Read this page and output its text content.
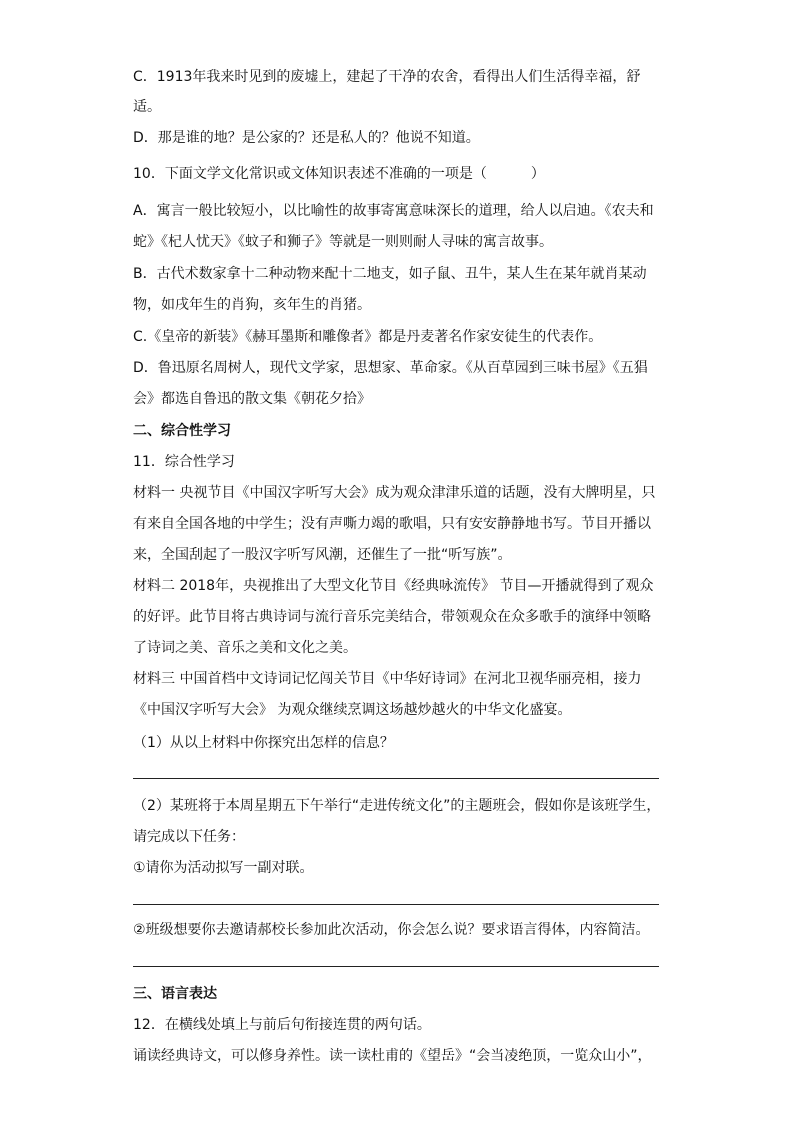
C．1913年我来时见到的废墟上，建起了干净的农舍，看得出人们生活得幸福，舒
适。
D．那是谁的地？是公家的？还是私人的？他说不知道。
10．下面文学文化常识或文体知识表述不准确的一项是（	）
A．寓言一般比较短小，以比喻性的故事寄寓意味深长的道理，给人以启迪。《农夫和
蛇》《杞人忧天》《蚊子和狮子》等就是一则则耐人寻味的寓言故事。
B．古代术数家拿十二种动物来配十二地支，如子鼠、丑牛，某人生在某年就肖某动
物，如戌年生的肖狗，亥年生的肖猪。
C.《皇帝的新装》《赫耳墨斯和雕像者》都是丹麦著名作家安徒生的代表作。
D．鲁迅原名周树人，现代文学家，思想家、革命家。《从百草园到三味书屋》《五猖
会》都选自鲁迅的散文集《朝花夕拾》
二、综合性学习
11．综合性学习
材料一 央视节目《中国汉字听写大会》成为观众津津乐道的话题，没有大牌明星，只
有来自全国各地的中学生；没有声嘶力竭的歌唱，只有安安静静地书写。节目开播以
来，全国刮起了一股汉字听写风潮，还催生了一批“听写族”。
材料二 2018年，央视推出了大型文化节目《经典咏流传》 节目—开播就得到了观众
的好评。此节目将古典诗词与流行音乐完美结合，带领观众在众多歌手的演绎中领略
了诗词之美、音乐之美和文化之美。
材料三 中国首档中文诗词记忆闯关节目《中华好诗词》在河北卫视华丽亮相，接力
《中国汉字听写大会》 为观众继续烹调这场越炒越火的中华文化盛宴。
（1）从以上材料中你探究出怎样的信息？
（2）某班将于本周星期五下午举行“走进传统文化”的主题班会，假如你是该班学生，
请完成以下任务：
①请你为活动拟写一副对联。
②班级想要你去邀请郝校长参加此次活动，你会怎么说？要求语言得体，内容简洁。
三、语言表达
12．在横线处填上与前后句衔接连贯的两句话。
诵读经典诗文，可以修身养性。读一读杜甫的《望岳》“会当凌绝顶，一览众山小”，
